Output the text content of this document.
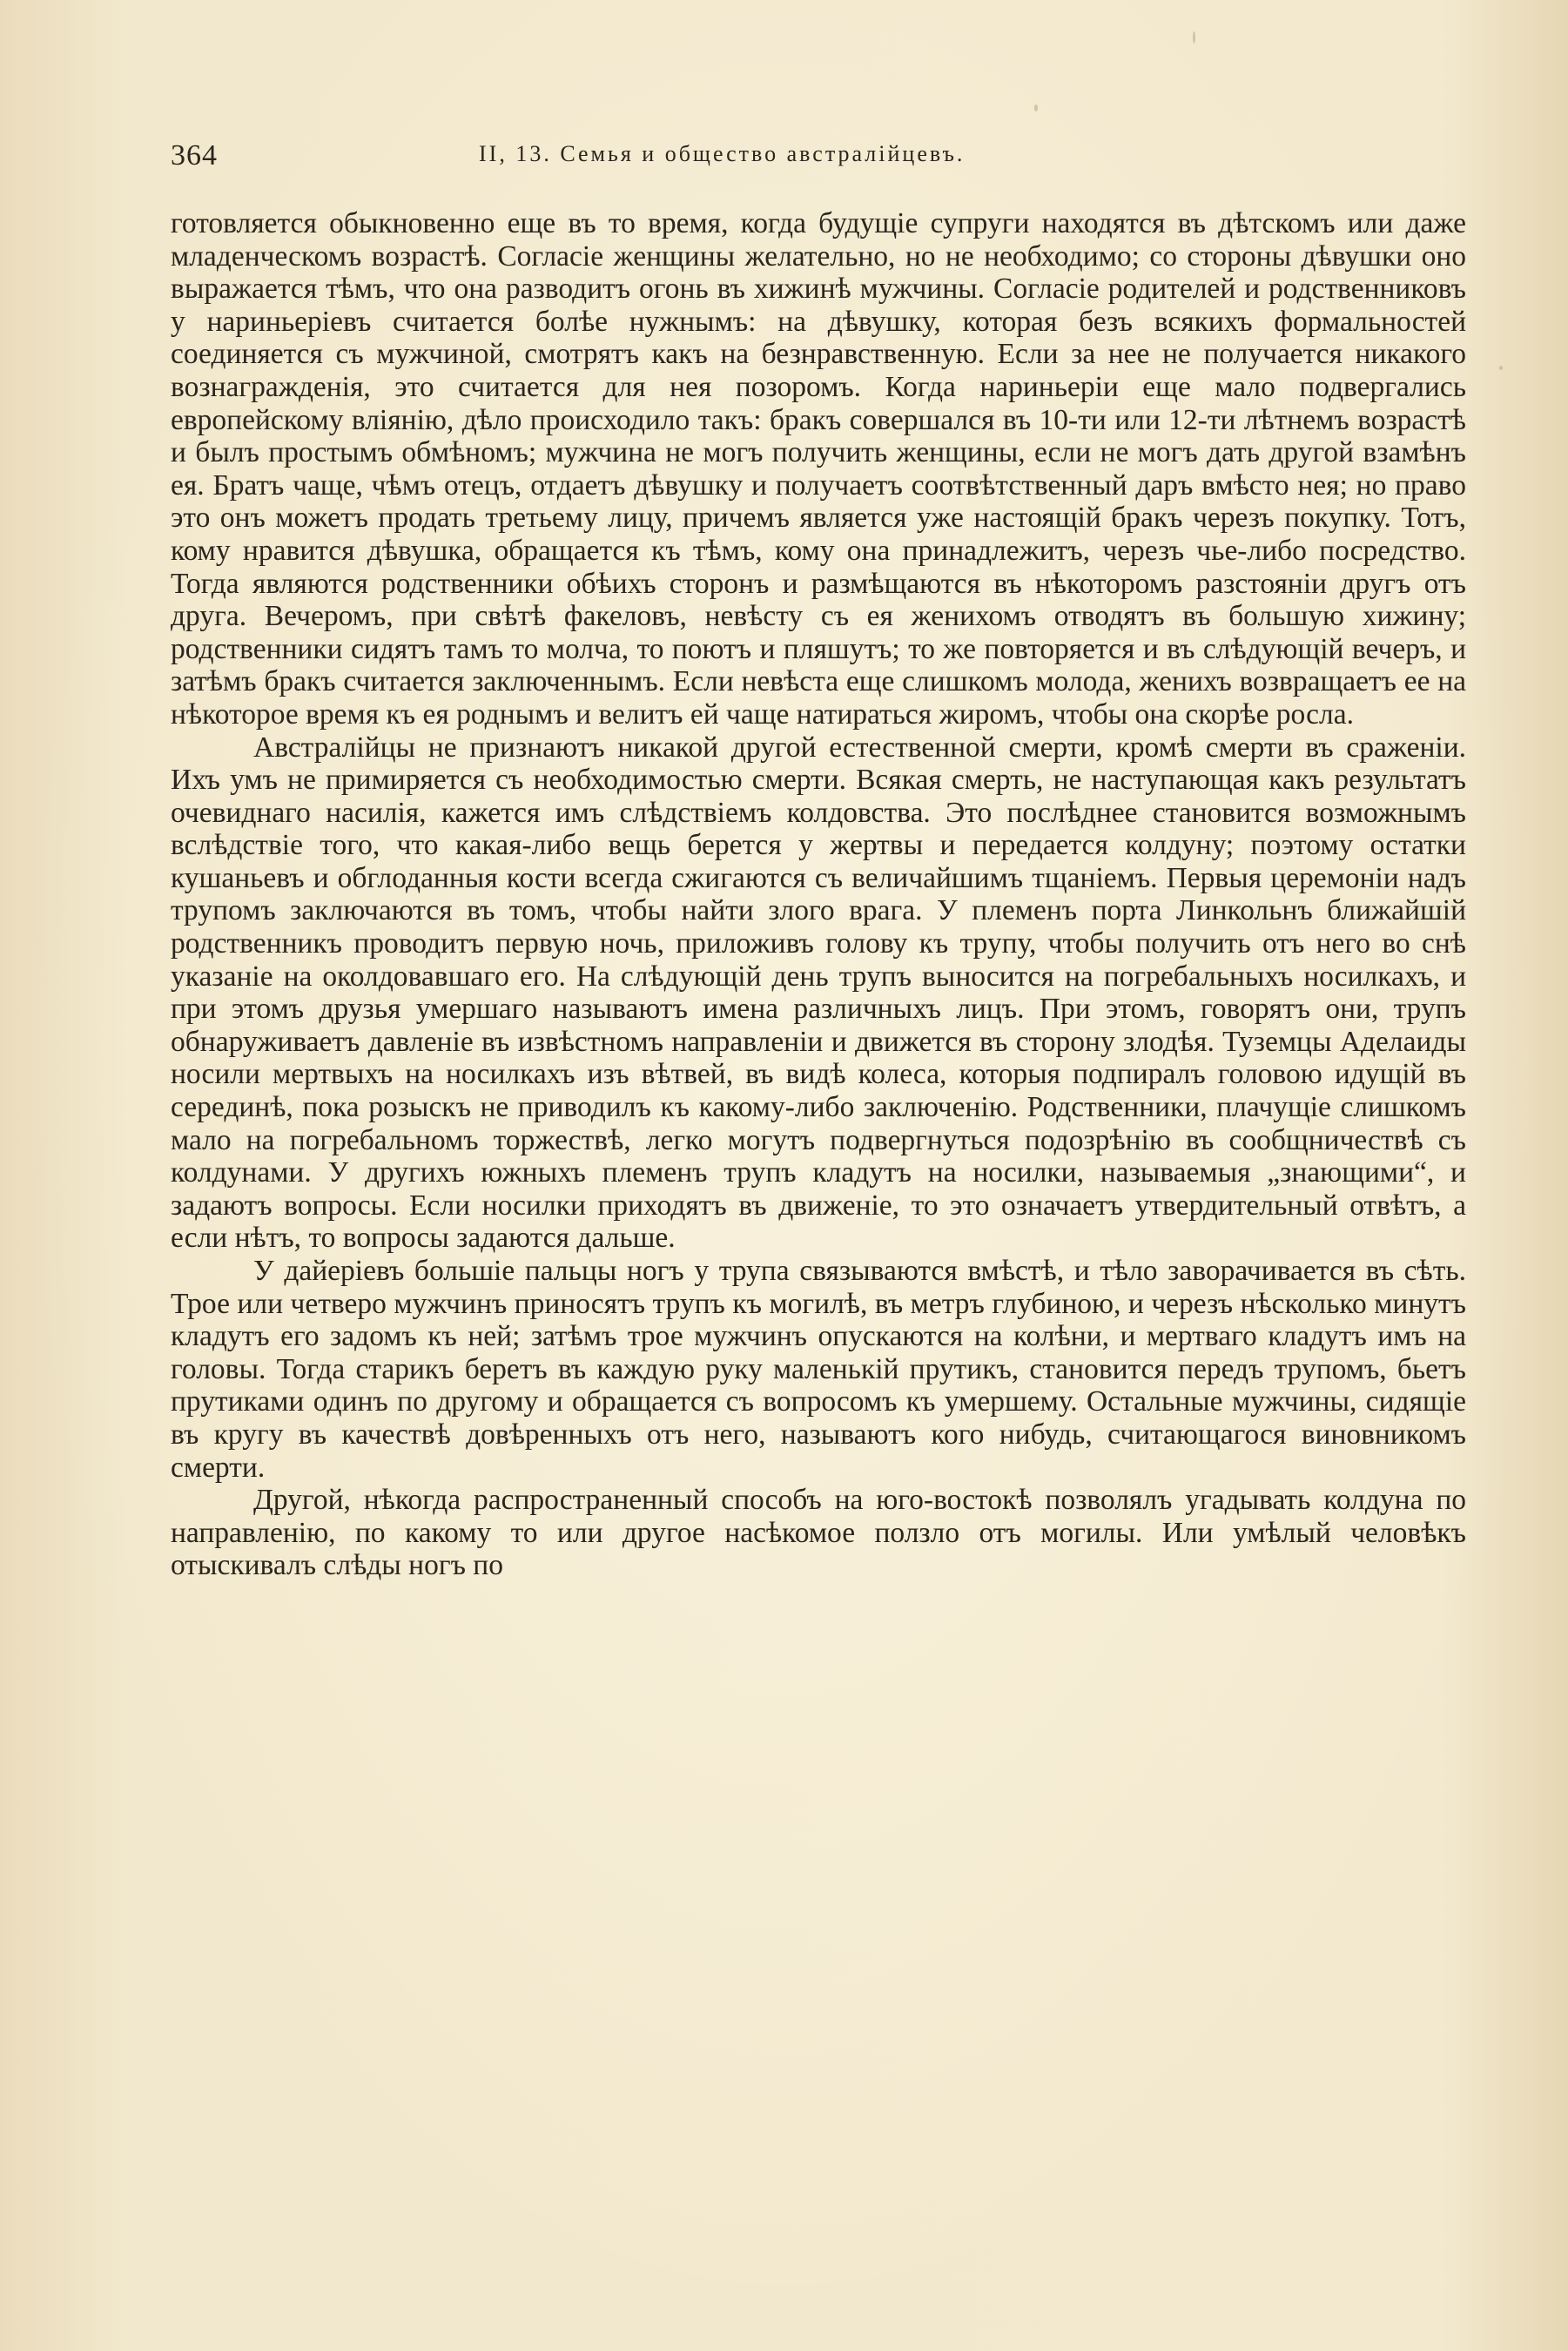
364	II, 13. Семья и общество австралійцевъ.

готовляется обыкновенно еще въ то время, когда будущіе супруги находятся въ дѣтскомъ или даже младенческомъ возрастѣ. Согласіе женщины желательно, но не необходимо; со стороны дѣвушки оно выражается тѣмъ, что она разводитъ огонь въ хижинѣ мужчины. Согласіе родителей и родственниковъ у нариньеріевъ считается болѣе нужнымъ: на дѣвушку, которая безъ всякихъ формальностей соединяется съ мужчиной, смотрятъ какъ на безнравственную. Если за нее не получается никакого вознагражденія, это считается для нея позоромъ. Когда нариньеріи еще мало подвергались европейскому вліянію, дѣло происходило такъ: бракъ совершался въ 10-ти или 12-ти лѣтнемъ возрастѣ и былъ простымъ обмѣномъ; мужчина не могъ получить женщины, если не могъ дать другой взамѣнъ ея. Братъ чаще, чѣмъ отецъ, отдаетъ дѣвушку и получаетъ соотвѣтственный даръ вмѣсто нея; но право это онъ можетъ продать третьему лицу, причемъ является уже настоящій бракъ черезъ покупку. Тотъ, кому нравится дѣвушка, обращается къ тѣмъ, кому она принадлежитъ, черезъ чье-либо посредство. Тогда являются родственники обѣихъ сторонъ и размѣщаются въ нѣкоторомъ разстояніи другъ отъ друга. Вечеромъ, при свѣтѣ факеловъ, невѣсту съ ея женихомъ отводятъ въ большую хижину; родственники сидятъ тамъ то молча, то поютъ и пляшутъ; то же повторяется и въ слѣдующій вечеръ, и затѣмъ бракъ считается заключеннымъ. Если невѣста еще слишкомъ молода, женихъ возвращаетъ ее на нѣкоторое время къ ея роднымъ и велитъ ей чаще натираться жиромъ, чтобы она скорѣе росла.

Австралійцы не признаютъ никакой другой естественной смерти, кромѣ смерти въ сраженіи. Ихъ умъ не примиряется съ необходимостью смерти. Всякая смерть, не наступающая какъ результатъ очевиднаго насилія, кажется имъ слѣдствіемъ колдовства. Это послѣднее становится возможнымъ вслѣдствіе того, что какая-либо вещь берется у жертвы и передается колдуну; поэтому остатки кушаньевъ и обглоданныя кости всегда сжигаются съ величайшимъ тщаніемъ. Первыя церемоніи надъ трупомъ заключаются въ томъ, чтобы найти злого врага. У племенъ порта Линкольнъ ближайшій родственникъ проводитъ первую ночь, приложивъ голову къ трупу, чтобы получить отъ него во снѣ указаніе на околдовавшаго его. На слѣдующій день трупъ выносится на погребальныхъ носилкахъ, и при этомъ друзья умершаго называютъ имена различныхъ лицъ. При этомъ, говорятъ они, трупъ обнаруживаетъ давленіе въ извѣстномъ направленіи и движется въ сторону злодѣя. Туземцы Аделаиды носили мертвыхъ на носилкахъ изъ вѣтвей, въ видѣ колеса, которыя подпиралъ головою идущій въ серединѣ, пока розыскъ не приводилъ къ какому-либо заключенію. Родственники, плачущіе слишкомъ мало на погребальномъ торжествѣ, легко могутъ подвергнуться подозрѣнію въ сообщничествѣ съ колдунами. У другихъ южныхъ племенъ трупъ кладутъ на носилки, называемыя „знающими“, и задаютъ вопросы. Если носилки приходятъ въ движеніе, то это означаетъ утвердительный отвѣтъ, а если нѣтъ, то вопросы задаются дальше.

У дайеріевъ большіе пальцы ногъ у трупа связываются вмѣстѣ, и тѣло заворачивается въ сѣть. Трое или четверо мужчинъ приносятъ трупъ къ могилѣ, въ метръ глубиною, и черезъ нѣсколько минутъ кладутъ его задомъ къ ней; затѣмъ трое мужчинъ опускаются на колѣни, и мертваго кладутъ имъ на головы. Тогда старикъ беретъ въ каждую руку маленькій прутикъ, становится передъ трупомъ, бьетъ прутиками одинъ по другому и обращается съ вопросомъ къ умершему. Остальные мужчины, сидящіе въ кругу въ качествѣ довѣренныхъ отъ него, называютъ кого нибудь, считающагося виновникомъ смерти.

Другой, нѣкогда распространенный способъ на юго-востокѣ позволялъ угадывать колдуна по направленію, по какому то или другое насѣкомое ползло отъ могилы. Или умѣлый человѣкъ отыскивалъ слѣды ногъ по
